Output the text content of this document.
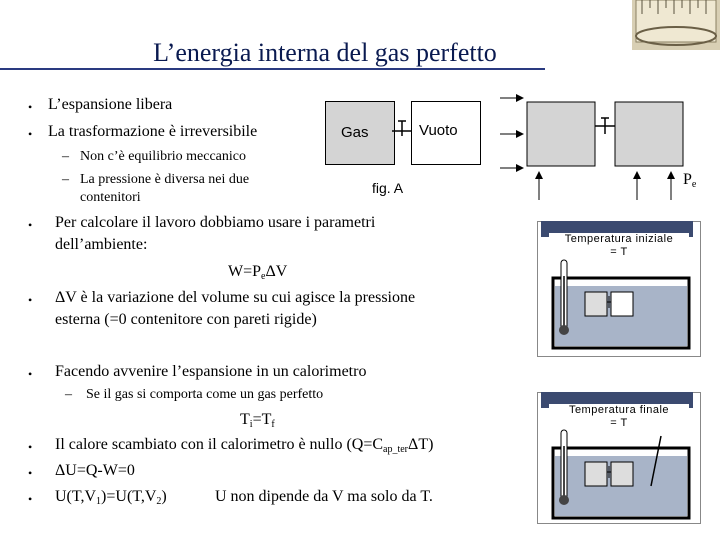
L’energia interna del gas perfetto
• L’espansione libera
• La trasformazione è irreversibile
– Non c’è equilibrio meccanico
– La pressione è diversa nei due
contenitori
Gas	Vuoto
fig. A	$P_e$
• Per calcolare il lavoro dobbiamo usare i parametri
dell’ambiente:
$W=P_e\Delta V$
• ΔV è la variazione del volume su cui agisce la pressione
esterna (=0 contenitore con pareti rigide)
• Facendo avvenire l’espansione in un calorimetro
– Se il gas si comporta come un gas perfetto
$T_i=T_f$
• Il calore scambiato con il calorimetro è nullo $(Q=C_{ap\_ter}\Delta T)$
• ΔU=Q-W=0
• $U(T,V_1)=U(T,V_2)$	U non dipende da V ma solo da T.
Temperatura iniziale
= T
Temperatura finale
= T
